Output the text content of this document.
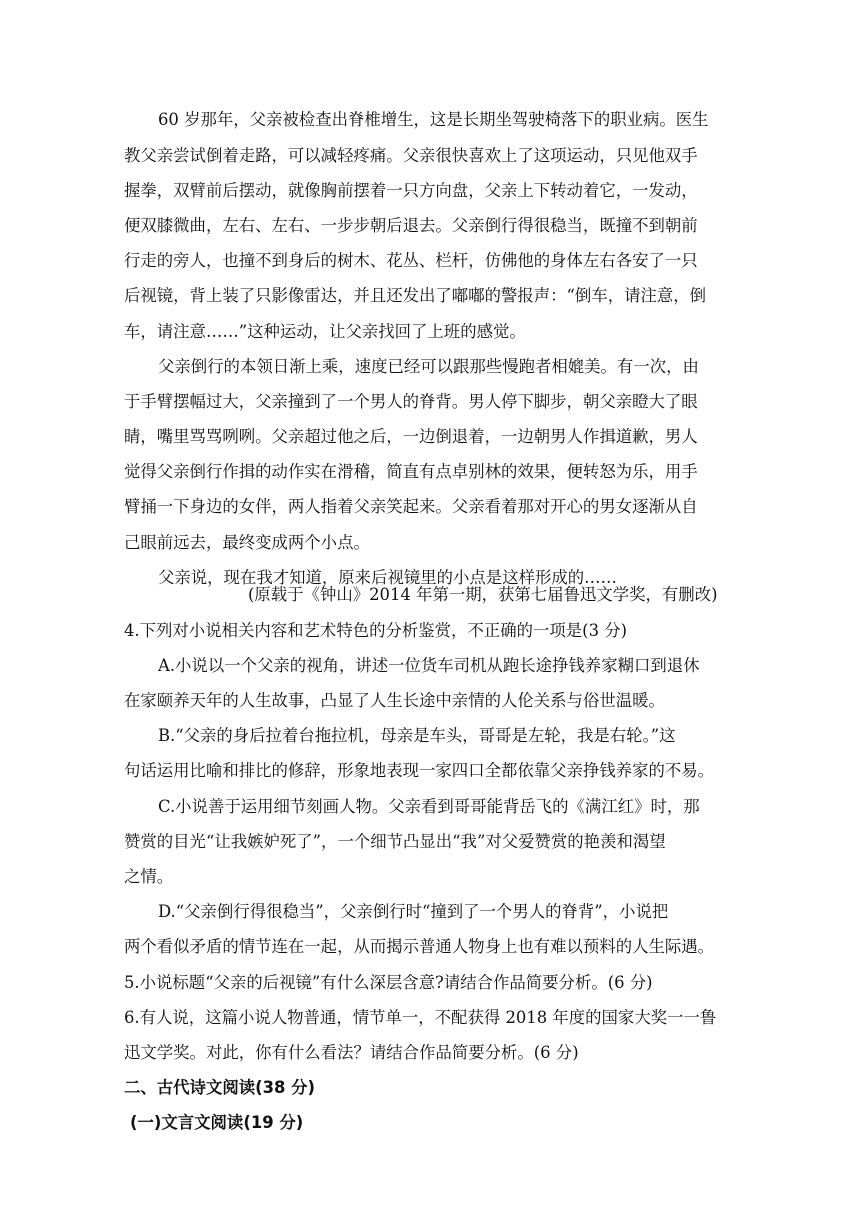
60 岁那年，父亲被检查出脊椎增生，这是长期坐驾驶椅落下的职业病。医生
教父亲尝试倒着走路，可以减轻疼痛。父亲很快喜欢上了这项运动，只见他双手
握拳，双臂前后摆动，就像胸前摆着一只方向盘，父亲上下转动着它，一发动，
便双膝微曲，左右、左右、一步步朝后退去。父亲倒行得很稳当，既撞不到朝前
行走的旁人，也撞不到身后的树木、花丛、栏杆，仿佛他的身体左右各安了一只
后视镜，背上装了只影像雷达，并且还发出了嘟嘟的警报声：“倒车，请注意，倒
车，请注意……”这种运动，让父亲找回了上班的感觉。
父亲倒行的本领日渐上乘，速度已经可以跟那些慢跑者相媲美。有一次，由
于手臂摆幅过大，父亲撞到了一个男人的脊背。男人停下脚步，朝父亲瞪大了眼
睛，嘴里骂骂咧咧。父亲超过他之后，一边倒退着，一边朝男人作揖道歉，男人
觉得父亲倒行作揖的动作实在滑稽，简直有点卓别林的效果，便转怒为乐，用手
臂捅一下身边的女伴，两人指着父亲笑起来。父亲看着那对开心的男女逐渐从自
己眼前远去，最终变成两个小点。
父亲说，现在我才知道，原来后视镜里的小点是这样形成的……
(原载于《钟山》2014 年第一期，获第七届鲁迅文学奖，有删改)
4.下列对小说相关内容和艺术特色的分析鉴赏，不正确的一项是(3 分)
A.小说以一个父亲的视角，讲述一位货车司机从跑长途挣钱养家糊口到退休
在家颐养天年的人生故事，凸显了人生长途中亲情的人伦关系与俗世温暖。
B.“父亲的身后拉着台拖拉机，母亲是车头，哥哥是左轮，我是右轮。”这
句话运用比喻和排比的修辞，形象地表现一家四口全都依靠父亲挣钱养家的不易。
C.小说善于运用细节刻画人物。父亲看到哥哥能背岳飞的《满江红》时，那
赞赏的目光“让我嫉妒死了”，一个细节凸显出“我”对父爱赞赏的艳羡和渴望
之情。
D.“父亲倒行得很稳当”，父亲倒行时“撞到了一个男人的脊背”，小说把
两个看似矛盾的情节连在一起，从而揭示普通人物身上也有难以预料的人生际遇。
5.小说标题“父亲的后视镜”有什么深层含意?请结合作品简要分析。(6 分)
6.有人说，这篇小说人物普通，情节单一，不配获得 2018 年度的国家大奖一一鲁
迅文学奖。对此，你有什么看法？请结合作品简要分析。(6 分)
二、古代诗文阅读(38 分)
(一)文言文阅读(19 分)
